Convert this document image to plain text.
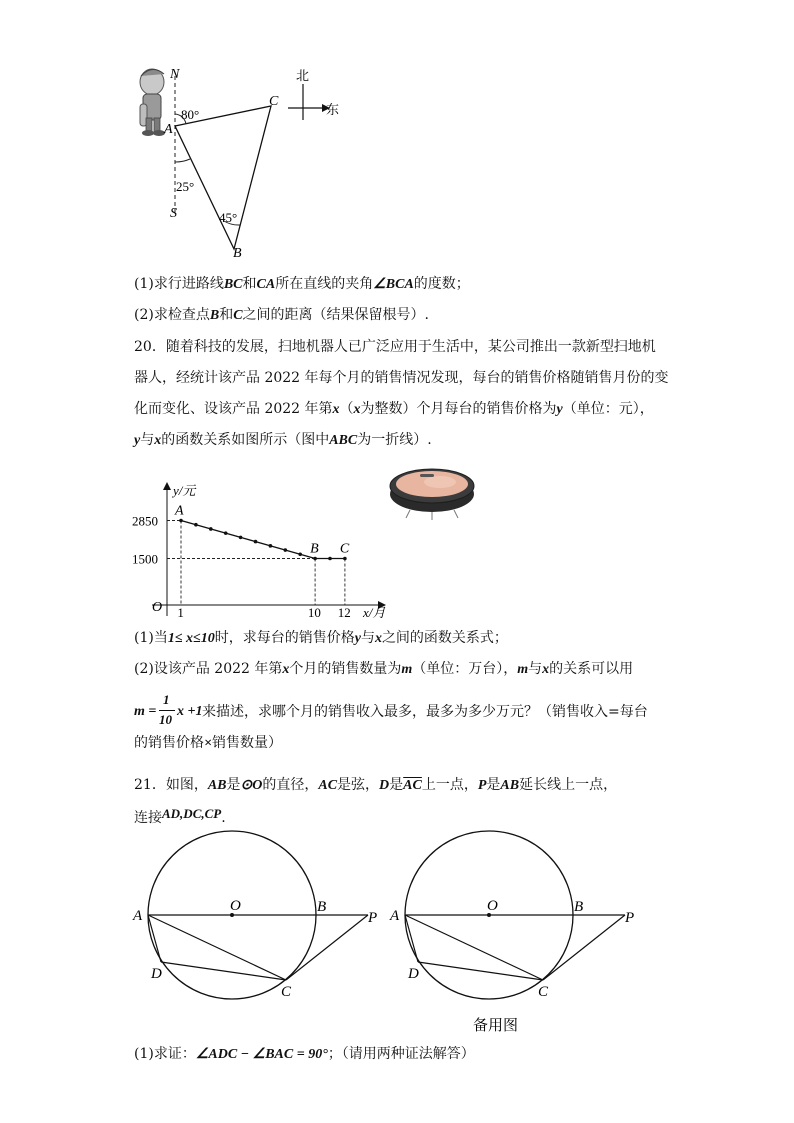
N
A
C
S
B
80°
25°
45°
北
东
(1)求行进路线BC和CA所在直线的夹角∠BCA的度数；
(2)求检查点B和C之间的距离（结果保留根号）.
20．随着科技的发展，扫地机器人已广泛应用于生活中，某公司推出一款新型扫地机
器人，经统计该产品 2022 年每个月的销售情况发现，每台的销售价格随销售月份的变
化而变化、设该产品 2022 年第x（x为整数）个月每台的销售价格为y（单位：元），
y与x的函数关系如图所示（图中ABC为一折线）.
y/元
x/月
O
A
B C
1	10 12
2850
1500
(1)当1≤ x≤10时，求每台的销售价格y与x之间的函数关系式；
(2)设该产品 2022 年第x个月的销售数量为m（单位：万台），m与x的关系可以用
m =
1
10
x +1 来描述，求哪个月的销售收入最多，最多为多少万元？（销售收入=每台
的销售价格×销售数量）
21．如图，AB是⊙O的直径，AC是弦，D是$\overline{AC}$上一点，P是AB延长线上一点，
连接AD,DC,CP.
A
O	B
P
D
C
A
O	B
P
D
C
备用图
(1)求证：∠ADC − ∠BAC = 90°；（请用两种证法解答）
